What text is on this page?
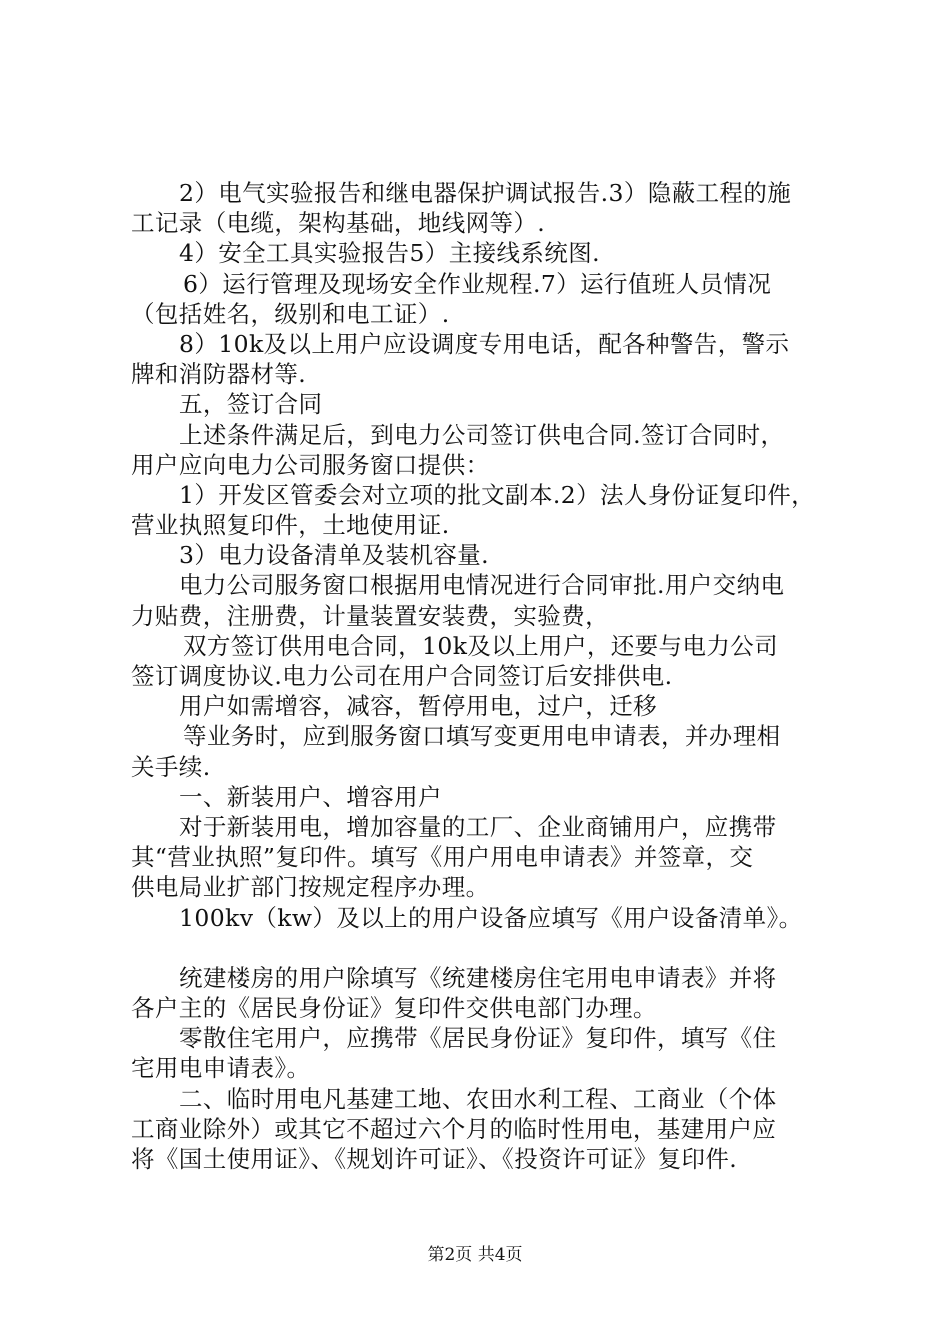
2）电气实验报告和继电器保护调试报告.3）隐蔽工程的施
工记录（电缆，架构基础，地线网等）.
4）安全工具实验报告5）主接线系统图.
6）运行管理及现场安全作业规程.7）运行值班人员情况
（包括姓名，级别和电工证）.
8）10k及以上用户应设调度专用电话，配各种警告，警示
牌和消防器材等.
五，签订合同
上述条件满足后，到电力公司签订供电合同.签订合同时，
用户应向电力公司服务窗口提供：
1）开发区管委会对立项的批文副本.2）法人身份证复印件，
营业执照复印件，土地使用证.
3）电力设备清单及装机容量.
电力公司服务窗口根据用电情况进行合同审批.用户交纳电
力贴费，注册费，计量装置安装费，实验费，
双方签订供用电合同，10k及以上用户，还要与电力公司
签订调度协议.电力公司在用户合同签订后安排供电.
用户如需增容，减容，暂停用电，过户，迁移
等业务时，应到服务窗口填写变更用电申请表，并办理相
关手续.
一、新装用户、增容用户
对于新装用电，增加容量的工厂、企业商铺用户，应携带
其“营业执照”复印件。填写《用户用电申请表》并签章，交
供电局业扩部门按规定程序办理。
100kv（kw）及以上的用户设备应填写《用户设备清单》。
统建楼房的用户除填写《统建楼房住宅用电申请表》并将
各户主的《居民身份证》复印件交供电部门办理。
零散住宅用户，应携带《居民身份证》复印件，填写《住
宅用电申请表》。
二、临时用电凡基建工地、农田水利工程、工商业（个体
工商业除外）或其它不超过六个月的临时性用电，基建用户应
将《国土使用证》、《规划许可证》、《投资许可证》复印件.
第2页 共4页
